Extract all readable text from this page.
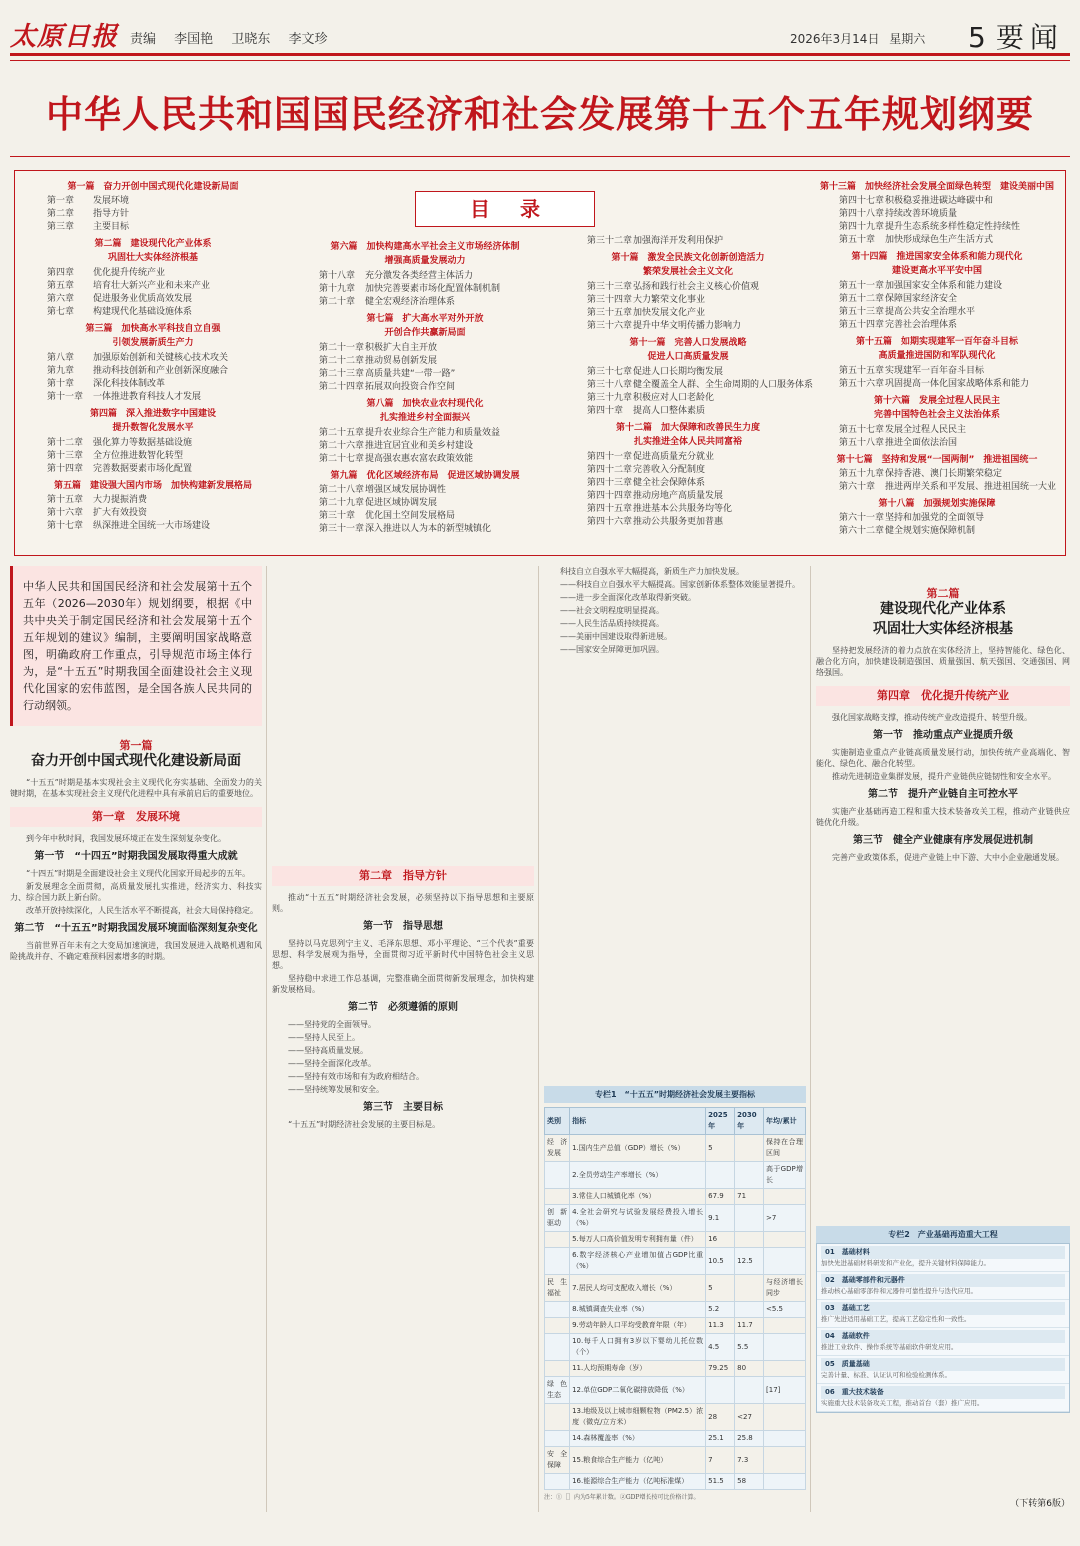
太原日报 责编 李国艳 卫晓东 李文珍	2026年3月14日 星期六 5 要闻
中华人民共和国国民经济和社会发展第十五个五年规划纲要
目录
第一篇　奋力开创中国式现代化建设新局面
第一章	发展环境
第二章	指导方针
第三章	主要目标
第二篇　建设现代化产业体系
巩固壮大实体经济根基
第四章	优化提升传统产业
第五章	培育壮大新兴产业和未来产业
第六章	促进服务业优质高效发展
第七章	构建现代化基础设施体系
第三篇　加快高水平科技自立自强
引领发展新质生产力
第八章	加强原始创新和关键核心技术攻关
第九章	推动科技创新和产业创新深度融合
第十章	深化科技体制改革
第十一章	一体推进教育科技人才发展
第四篇　深入推进数字中国建设
提升数智化发展水平
第十二章	强化算力等数据基础设施
第十三章	全方位推进数智化转型
第十四章	完善数据要素市场化配置
第五篇　建设强大国内市场　加快构建新发展格局
第十五章	大力提振消费
第十六章	扩大有效投资
第十七章	纵深推进全国统一大市场建设
第六篇　加快构建高水平社会主义市场经济体制
增强高质量发展动力
第十八章	充分激发各类经营主体活力
第十九章	加快完善要素市场化配置体制机制
第二十章	健全宏观经济治理体系
第七篇　扩大高水平对外开放
开创合作共赢新局面
第二十一章 积极扩大自主开放
第二十二章 推动贸易创新发展
第二十三章 高质量共建“一带一路”
第二十四章 拓展双向投资合作空间
第八篇　加快农业农村现代化
扎实推进乡村全面振兴
第二十五章 提升农业综合生产能力和质量效益
第二十六章 推进宜居宜业和美乡村建设
第二十七章 提高强农惠农富农政策效能
第九篇　优化区域经济布局　促进区域协调发展
第二十八章 增强区域发展协调性
第二十九章 促进区域协调发展
第三十章	优化国土空间发展格局
第三十一章 深入推进以人为本的新型城镇化
第三十二章 加强海洋开发利用保护
第十篇　激发全民族文化创新创造活力
繁荣发展社会主义文化
第三十三章 弘扬和践行社会主义核心价值观
第三十四章 大力繁荣文化事业
第三十五章 加快发展文化产业
第三十六章 提升中华文明传播力影响力
第十一篇　完善人口发展战略
促进人口高质量发展
第三十七章 促进人口长期均衡发展
第三十八章 健全覆盖全人群、全生命周期的人口服务体系
第三十九章 积极应对人口老龄化
第四十章	提高人口整体素质
第十二篇　加大保障和改善民生力度
扎实推进全体人民共同富裕
第四十一章 促进高质量充分就业
第四十二章 完善收入分配制度
第四十三章 健全社会保障体系
第四十四章 推动房地产高质量发展
第四十五章 推进基本公共服务均等化
第四十六章 推动公共服务更加普惠
第十三篇　加快经济社会发展全面绿色转型　建设美丽中国
第四十七章 积极稳妥推进碳达峰碳中和
第四十八章 持续改善环境质量
第四十九章 提升生态系统多样性稳定性持续性
第五十章	加快形成绿色生产生活方式
第十四篇　推进国家安全体系和能力现代化
建设更高水平平安中国
第五十一章 加强国家安全体系和能力建设
第五十二章 保障国家经济安全
第五十三章 提高公共安全治理水平
第五十四章 完善社会治理体系
第十五篇　如期实现建军一百年奋斗目标
高质量推进国防和军队现代化
第五十五章 实现建军一百年奋斗目标
第五十六章 巩固提高一体化国家战略体系和能力
第十六篇　发展全过程人民民主
完善中国特色社会主义法治体系
第五十七章 发展全过程人民民主
第五十八章 推进全面依法治国
第十七篇　坚持和发展“一国两制”　推进祖国统一
第五十九章 保持香港、澳门长期繁荣稳定
第六十章	推进两岸关系和平发展、推进祖国统一大业
第十八篇　加强规划实施保障
第六十一章 坚持和加强党的全面领导
第六十二章 健全规划实施保障机制

中华人民共和国国民经济和社会发展第十五个五年（2026—2030年）规划纲要，根据《中共中央关于制定国民经济和社会发展第十五个五年规划的建议》编制，主要阐明国家战略意图，明确政府工作重点，引导规范市场主体行为，是“十五五”时期我国全面建设社会主义现代化国家的宏伟蓝图，是全国各族人民共同的行动纲领。

第一篇
奋力开创中国式现代化建设新局面

“十五五”时期是基本实现社会主义现代化夯实基础、全面发力的关键时期，在基本实现社会主义现代化进程中具有承前启后的重要地位。

第一章　发展环境

到今年中秋时间，我国发展环境正在发生深刻复杂变化。

第一节　“十四五”时期我国发展取得重大成就

“十四五”时期是全面建设社会主义现代化国家开局起步的五年。

新发展理念全面贯彻，高质量发展扎实推进，经济实力、科技实力、综合国力跃上新台阶。

改革开放持续深化，人民生活水平不断提高，社会大局保持稳定。

第二节　“十五五”时期我国发展环境面临深刻复杂变化

当前世界百年未有之大变局加速演进，我国发展进入战略机遇和风险挑战并存、不确定难预料因素增多的时期。

第二章　指导方针

推动“十五五”时期经济社会发展，必须坚持以下指导思想和主要原则。

第一节　指导思想

坚持以马克思列宁主义、毛泽东思想、邓小平理论、“三个代表”重要思想、科学发展观为指导，全面贯彻习近平新时代中国特色社会主义思想。

坚持稳中求进工作总基调，完整准确全面贯彻新发展理念，加快构建新发展格局。

第二节　必须遵循的原则

——坚持党的全面领导。

——坚持人民至上。

——坚持高质量发展。

——坚持全面深化改革。

——坚持有效市场和有为政府相结合。

——坚持统筹发展和安全。

第三节　主要目标

“十五五”时期经济社会发展的主要目标是。

科技自立自强水平大幅提高，新质生产力加快发展。

——科技自立自强水平大幅提高。国家创新体系整体效能显著提升。

——进一步全面深化改革取得新突破。

——社会文明程度明显提高。

——人民生活品质持续提高。

——美丽中国建设取得新进展。

——国家安全屏障更加巩固。

专栏1　“十五五”时期经济社会发展主要指标
类别	指标	2025年	2030年	年均/累计
经济发展	1.国内生产总值（GDP）增长（%）	5		保持在合理区间
	2.全员劳动生产率增长（%）			高于GDP增长
	3.常住人口城镇化率（%）	67.9	71	
创新驱动	4.全社会研究与试验发展经费投入增长（%）	9.1		>7
	5.每万人口高价值发明专利拥有量（件）	16		
	6.数字经济核心产业增加值占GDP比重（%）	10.5	12.5	
民生福祉	7.居民人均可支配收入增长（%）	5		与经济增长同步
	8.城镇调查失业率（%）	5.2		<5.5
	9.劳动年龄人口平均受教育年限（年）	11.3	11.7	
	10.每千人口拥有3岁以下婴幼儿托位数（个）	4.5	5.5	
	11.人均预期寿命（岁）	79.25	80	
绿色生态	12.单位GDP二氧化碳排放降低（%）			[17]
	13.地级及以上城市细颗粒物（PM2.5）浓度（微克/立方米）	28	<27	
	14.森林覆盖率（%）	25.1	25.8	
安全保障	15.粮食综合生产能力（亿吨）	7	7.3	
	16.能源综合生产能力（亿吨标准煤）	51.5	58	
注：①［］内为5年累计数。②GDP增长按可比价格计算。
第二篇
建设现代化产业体系
巩固壮大实体经济根基

坚持把发展经济的着力点放在实体经济上，坚持智能化、绿色化、融合化方向，加快建设制造强国、质量强国、航天强国、交通强国、网络强国。

第四章　优化提升传统产业

强化国家战略支撑，推动传统产业改造提升、转型升级。

第一节　推动重点产业提质升级

实施制造业重点产业链高质量发展行动，加快传统产业高端化、智能化、绿色化、融合化转型。

推动先进制造业集群发展，提升产业链供应链韧性和安全水平。

第二节　提升产业链自主可控水平

实施产业基础再造工程和重大技术装备攻关工程，推动产业链供应链优化升级。

第三节　健全产业健康有序发展促进机制

完善产业政策体系，促进产业链上中下游、大中小企业融通发展。

专栏2　产业基础再造重大工程
01　基础材料
加快先进基础材料研发和产业化，提升关键材料保障能力。
02　基础零部件和元器件
推动核心基础零部件和元器件可靠性提升与迭代应用。
03　基础工艺
推广先进适用基础工艺，提高工艺稳定性和一致性。
04　基础软件
推进工业软件、操作系统等基础软件研发应用。
05　质量基础
完善计量、标准、认证认可和检验检测体系。
06　重大技术装备
实施重大技术装备攻关工程，推动首台（套）推广应用。
（下转第6版）
